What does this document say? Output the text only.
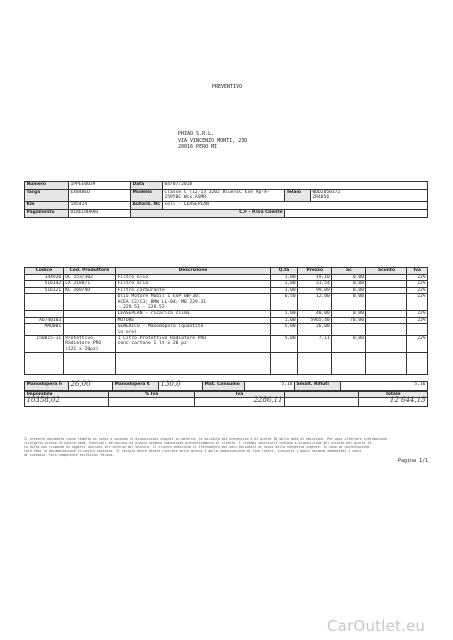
PREVENTIVO
PHIAO S.R.L.
VIA VINCENZO MONTI, 23D
20016 PERO MI
Numero	1PPEE0039	Data	04/07/2018		
Targa	EX848ED	Modello	Classe C (12-13 3202 BlueTEC Exe Ap-A-159Y0C Wcx.ASMR	Telaio	WDD2050372
2R4856

Km	185424	Autoriz. Nr.	soll - LEASEPLAN		
Pagamento	DIRECRDARO	C.F - P.Iva Cliente			
Codice	Cod. Produttore	Descrizione	Q.tà	Prezzo	Sc	Sconto	Iva
144920	OC 153/302	Filtro olio	1,00	19,10	0,00		22%
516142	LX 3180/1	Filtro aria	1,00	31,54	0,00		22%
516121	KL 169/4D	Filtro carburante	1,00	99,09	0,00		22%

		Olio Motore Mobil 1 ESP 0W-30;
ACEA C2/C3; BMW LL-04; MB 229.31
- 229.51 - 229.52	6,50	12,00	0,00		22%

		LEASEPLAN - ricarica clima	1,00	40,00	0,00		22%
A6740103		MOTORE	1,00	5965,40	70,00		22%
MAO001		GENERICO - Manodopera (quantità
in ore)	5,00	26,00			
150015-11	Protettivo Radiatore PRO (12C x 20pz)	1 Litro Protettivo Radiatore PRO
conc cartone 1 lt x 20 pz	5,00	7,11	0,00		22%

Manodopera h	26,00	Manodopera €	130,0	Mat. Consumo	5,16	Smalt. Rifiuti	5,16
Imponibile	% Iva	Iva		Totale
10358,02		2286,11		12 644,13
Il presente documento viene redatto ai sensi e secondo le disposizioni vigenti in materia; la validità del preventivo è di giorni 30 dalla data di emissione. Per ogni ulteriore informazione
rivolgersi presso la nostra sede. Eventuali variazioni di prezzo saranno comunicate preventivamente al cliente. I ricambi sostituiti restano a disposizione del cliente per giorni 15.
La ditta non risponde di oggetti lasciati all'interno del veicolo. Il cliente autorizza il trattamento dei dati personali ai sensi della normativa vigente. In caso di contestazione
farà fede la documentazione in nostro possesso. Il veicolo dovrà essere ritirato entro giorni 3 dalla comunicazione di fine lavori, trascorsi i quali saranno addebitati i costi
di custodia. Foro competente esclusivo: Milano.
Pagina 1/1
CarOutlet.eu
